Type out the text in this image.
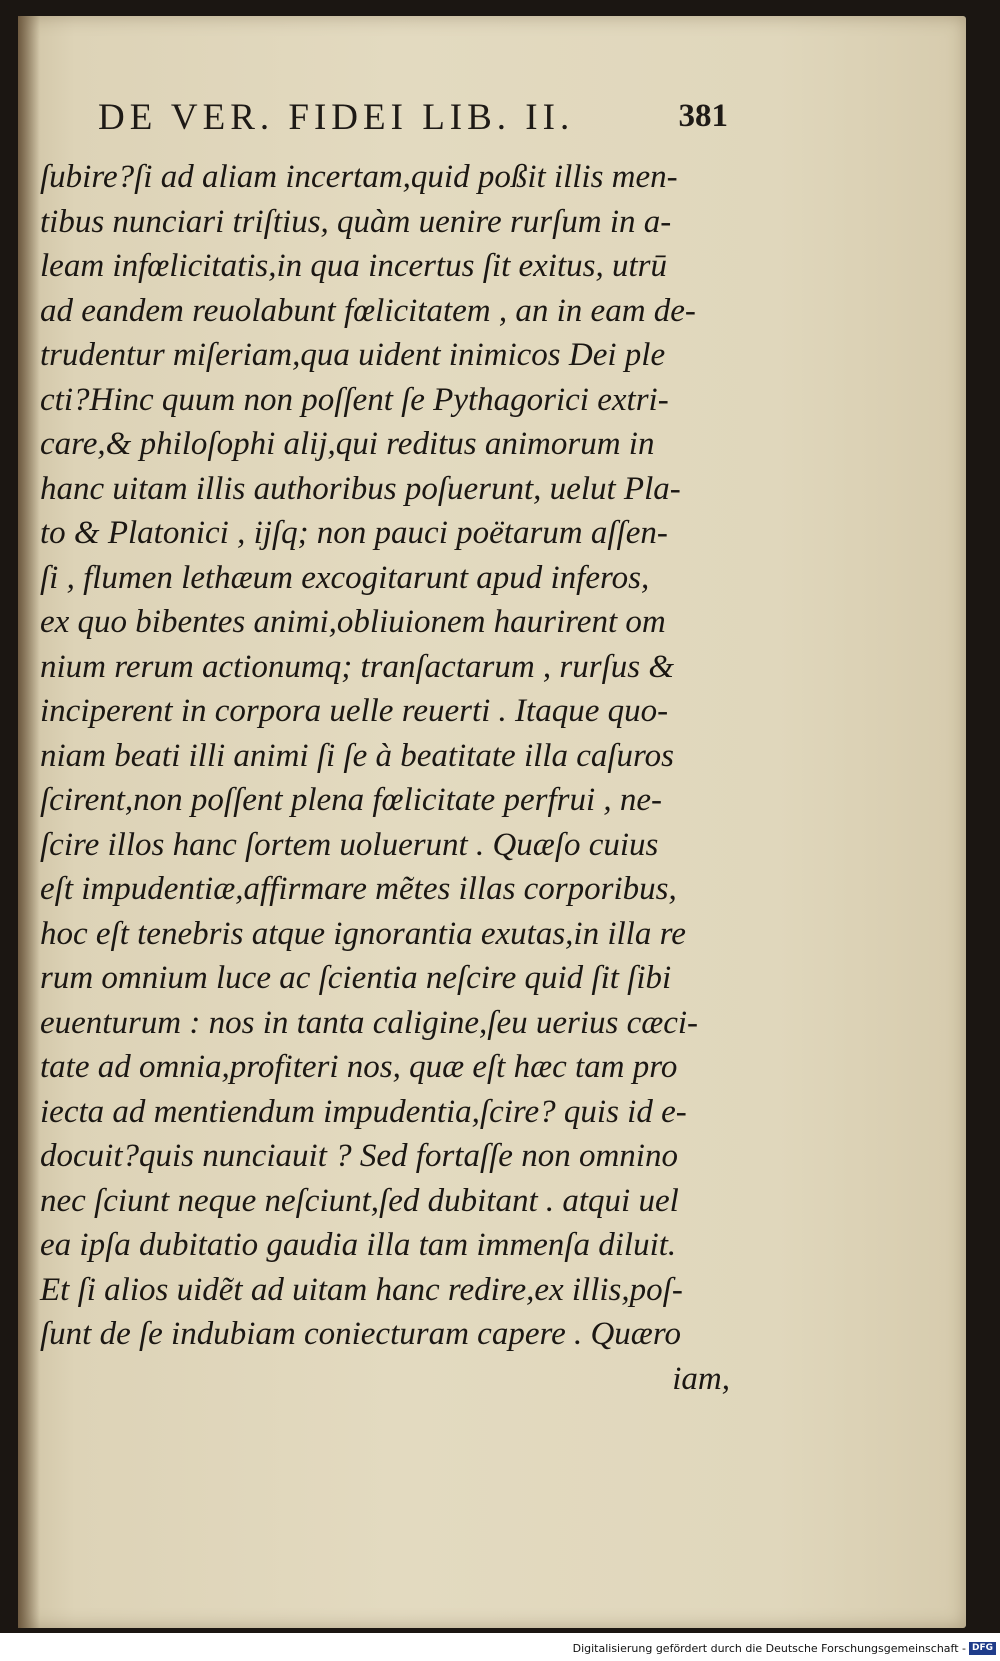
DE VER. FIDEI LIB. II.	381
ſubire?ſi ad aliam incertam,quid poßit illis men-
tibus nunciari triſtius, quàm uenire rurſum in a-
leam infœlicitatis,in qua incertus ſit exitus, utrū
ad eandem reuolabunt fœlicitatem , an in eam de-
trudentur miſeriam,qua uident inimicos Dei ple
cti?Hinc quum non poſſent ſe Pythagorici extri-
care,& philoſophi alij,qui reditus animorum in
hanc uitam illis authoribus poſuerunt, uelut Pla-
to & Platonici , ijſq; non pauci poëtarum aſſen-
ſi , flumen lethæum excogitarunt apud inferos,
ex quo bibentes animi,obliuionem haurirent om
nium rerum actionumq; tranſactarum , rurſus &
inciperent in corpora uelle reuerti . Itaque quo-
niam beati illi animi ſi ſe à beatitate illa caſuros
ſcirent,non poſſent plena fœlicitate perfrui , ne-
ſcire illos hanc ſortem uoluerunt . Quæſo cuius
eſt impudentiæ,affirmare mẽtes illas corporibus,
hoc eſt tenebris atque ignorantia exutas,in illa re
rum omnium luce ac ſcientia neſcire quid ſit ſibi
euenturum : nos in tanta caligine,ſeu uerius cæci-
tate ad omnia,profiteri nos, quæ eſt hæc tam pro
iecta ad mentiendum impudentia,ſcire? quis id e-
docuit?quis nunciauit ? Sed fortaſſe non omnino
nec ſciunt neque neſciunt,ſed dubitant . atqui uel
ea ipſa dubitatio gaudia illa tam immenſa diluit.
Et ſi alios uidẽt ad uitam hanc redire,ex illis,poſ-
ſunt de ſe indubiam coniecturam capere . Quæro
iam,
Digitalisierung gefördert durch die Deutsche Forschungsgemeinschaft - DFG
